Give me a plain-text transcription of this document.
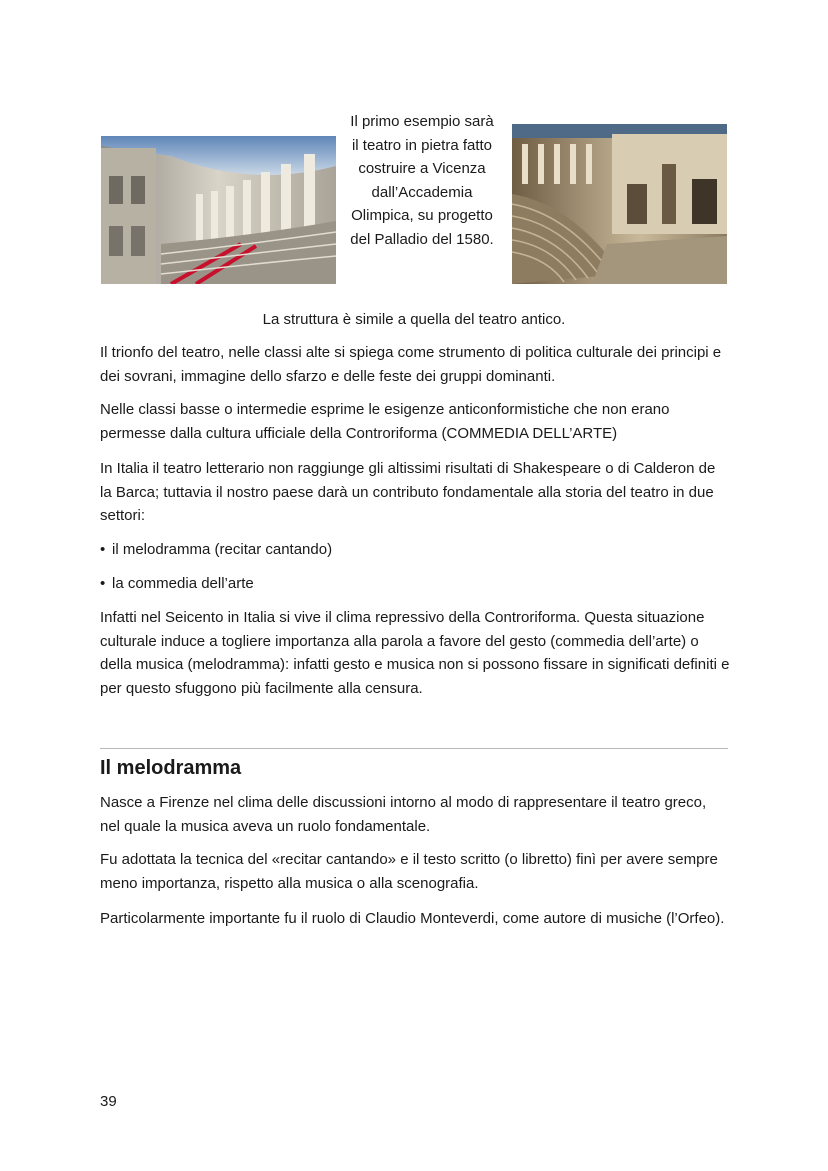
Il primo esempio sarà il teatro in pietra fatto costruire a Vicenza dall’Accademia Olimpica, su progetto del Palladio del 1580.

La struttura è simile a quella del teatro antico.

Il trionfo del teatro, nelle classi alte si spiega come strumento di politica culturale dei principi e dei sovrani, immagine dello sfarzo e delle feste dei gruppi dominanti.

Nelle classi basse o intermedie esprime le esigenze anticonformistiche che non erano permesse dalla cultura ufficiale della Controriforma (COMMEDIA DELL’ARTE)

In Italia il teatro letterario non raggiunge gli altissimi risultati di Shakespeare o di Calderon de la Barca; tuttavia il nostro paese darà un contributo fondamentale alla storia del teatro in due settori:

• il melodramma (recitar cantando)
• la commedia dell’arte

Infatti nel Seicento in Italia si vive il clima repressivo della Controriforma. Questa situazione culturale induce a togliere importanza alla parola a favore del gesto (commedia dell’arte) o della musica (melodramma): infatti gesto e musica non si possono fissare in significati definiti e per questo sfuggono più facilmente alla censura.

Il melodramma

Nasce a Firenze nel clima delle discussioni intorno al modo di rappresentare il teatro greco, nel quale la musica aveva un ruolo fondamentale.

Fu adottata la tecnica del «recitar cantando» e il testo scritto (o libretto) finì per avere sempre meno importanza, rispetto alla musica o alla scenografia.

Particolarmente importante fu il ruolo di Claudio Monteverdi, come autore di musiche (l’Orfeo).

39
